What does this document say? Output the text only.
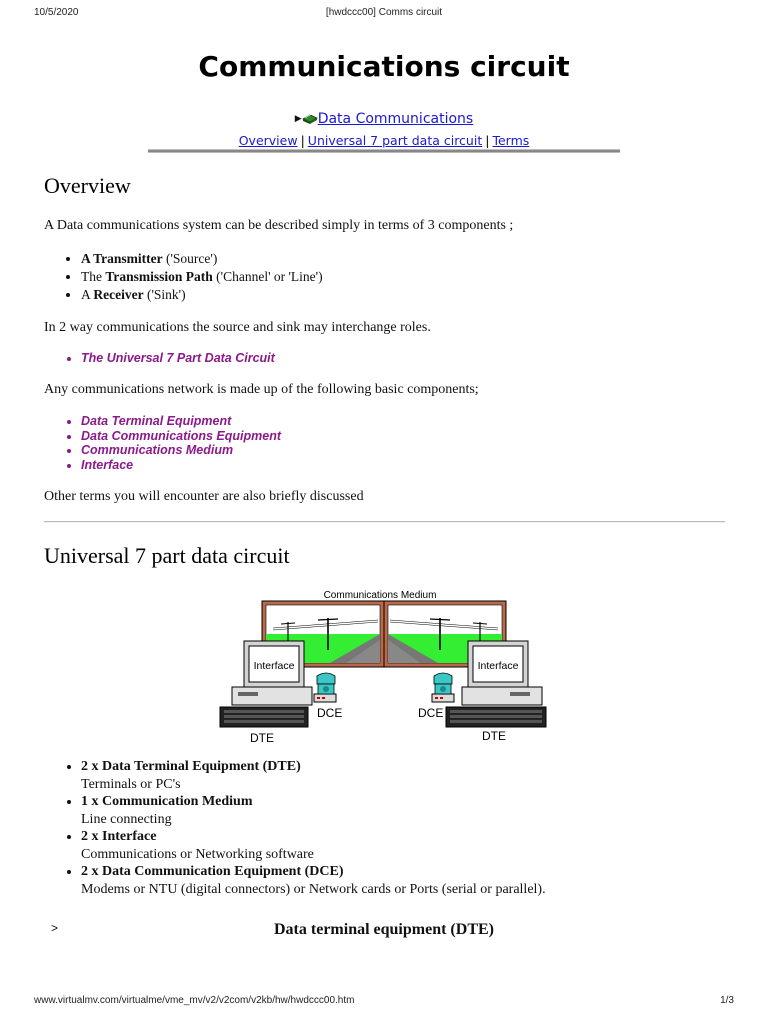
10/5/2020	[hwdccc00] Comms circuit
Communications circuit
▶ Data Communications
Overview | Universal 7 part data circuit | Terms
Overview

A Data communications system can be described simply in terms of 3 components ;

• A Transmitter ('Source')
• The Transmission Path ('Channel' or 'Line')
• A Receiver ('Sink')

In 2 way communications the source and sink may interchange roles.

• The Universal 7 Part Data Circuit

Any communications network is made up of the following basic components;

• Data Terminal Equipment
• Data Communications Equipment
• Communications Medium
• Interface

Other terms you will encounter are also briefly discussed

Universal 7 part data circuit
Communications Medium
Interface
DCE
DTE
Interface
DCE
DTE
• 2 x Data Terminal Equipment (DTE)
Terminals or PC's
• 1 x Communication Medium
Line connecting
• 2 x Interface
Communications or Networking software
• 2 x Data Communication Equipment (DCE)
Modems or NTU (digital connectors) or Network cards or Ports (serial or parallel).
>	Data terminal equipment (DTE)
www.virtualmv.com/virtualme/vme_mv/v2/v2com/v2kb/hw/hwdccc00.htm	1/3
